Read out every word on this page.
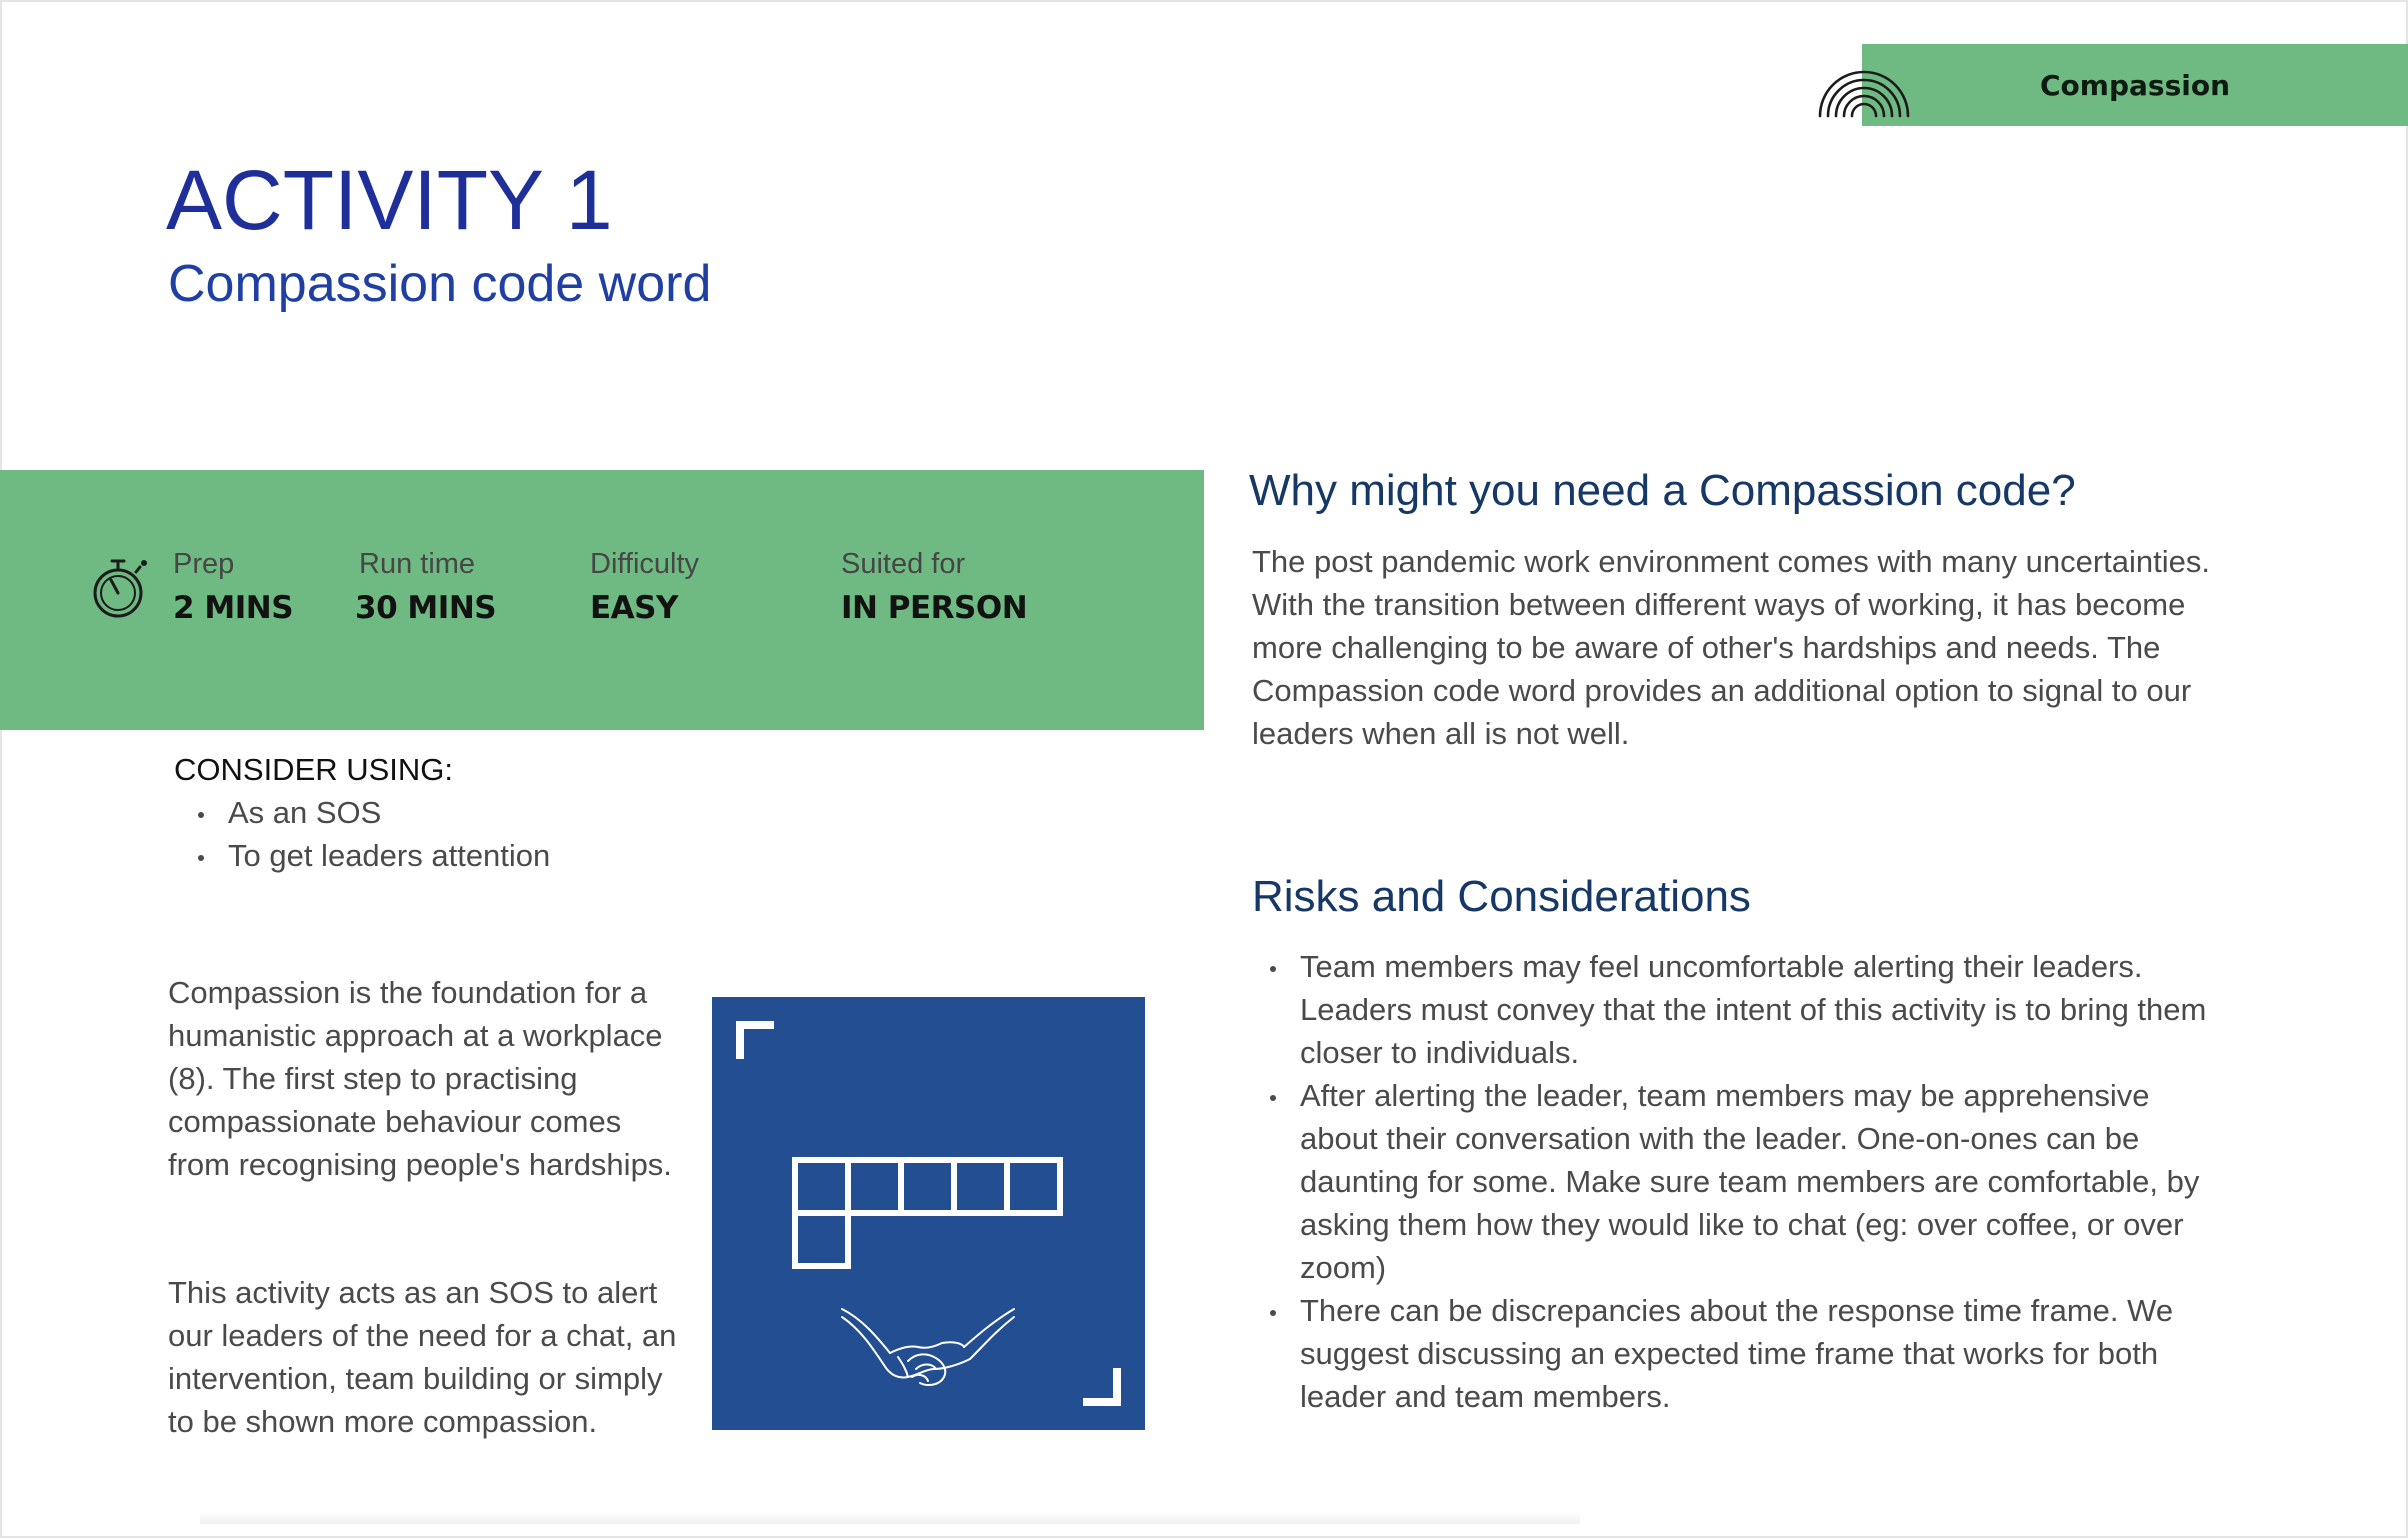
Compassion
ACTIVITY 1
Compassion code word
Prep
2 MINS
Run time
30 MINS
Difficulty
EASY
Suited for
IN PERSON
CONSIDER USING:
As an SOS
To get leaders attention

Compassion is the foundation for a humanistic approach at a workplace (8). The first step to practising compassionate behaviour comes from recognising people's hardships.

This activity acts as an SOS to alert our leaders of the need for a chat, an intervention, team building or simply to be shown more compassion.

Why might you need a Compassion code?

The post pandemic work environment comes with many uncertainties. With the transition between different ways of working, it has become more challenging to be aware of other's hardships and needs. The Compassion code word provides an additional option to signal to our leaders when all is not well.

Risks and Considerations
Team members may feel uncomfortable alerting their leaders. Leaders must convey that the intent of this activity is to bring them closer to individuals.
After alerting the leader, team members may be apprehensive about their conversation with the leader. One-on-ones can be daunting for some. Make sure team members are comfortable, by asking them how they would like to chat (eg: over coffee, or over zoom)
There can be discrepancies about the response time frame. We suggest discussing an expected time frame that works for both leader and team members.
